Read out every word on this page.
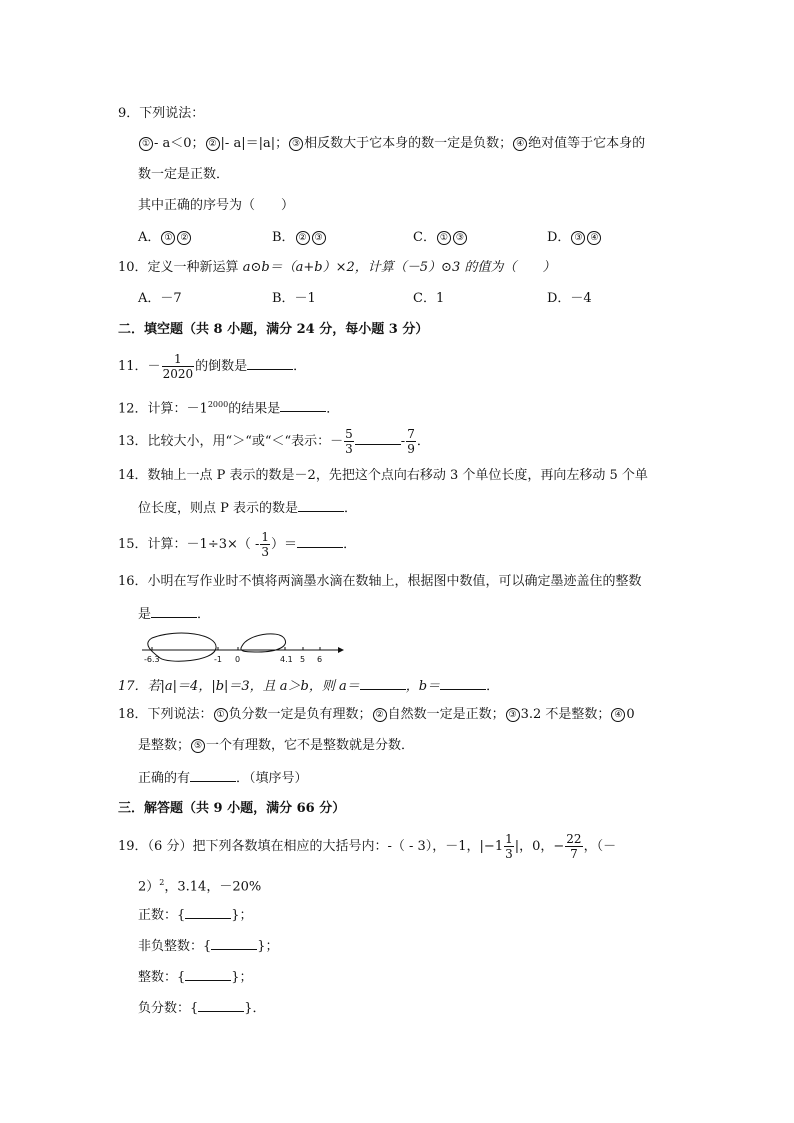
9．下列说法：
① - a＜0； ② |- a|＝|a|； ③ 相反数大于它本身的数一定是负数； ④ 绝对值等于它本身的
数一定是正数．
其中正确的序号为（　　）
A． ① ②	B． ② ③	C． ① ③	D． ③ ④
10．定义一种新运算 a⊙b＝（a+b）×2，计算（－5）⊙3 的值为（　　）
A．－7	B．－1	C．1	D．－4
二．填空题（共 8 小题，满分 24 分，每小题 3 分）
11．－ $\frac{1}{2020}$ 的倒数是	．
12．计算：$-1^{2000}$的结果是	．
13．比较大小，用“＞“或“＜“表示：－ $\frac{5}{3}$	- $\frac{7}{9}$ ．
14．数轴上一点 P 表示的数是－2，先把这个点向右移动 3 个单位长度，再向左移动 5 个单
位长度，则点 P 表示的数是	．
15．计算：$-1\div 3\times( - \frac{1}{3}$ ）＝	．
16．小明在写作业时不慎将两滴墨水滴在数轴上，根据图中数值，可以确定墨迹盖住的整数
是	．
-6.3	-1 0	4.1 5 6
17．若|a|＝4，|b|＝3，且 a＞b，则 a＝	，b＝	．
18．下列说法： ① 负分数一定是负有理数； ② 自然数一定是正数； ③ 3.2 不是整数； ④ 0
是整数； ⑤ 一个有理数，它不是整数就是分数．
正确的有	．（填序号）
三．解答题（共 9 小题，满分 66 分）
19．（6 分）把下列各数填在相应的大括号内：-（ - 3），－1，$|-1 \frac{1}{3}$ |，0，− $\frac{22}{7}$ ，（－
2）$^2$，3.14，－20%
正数：{	}；
非负整数：{	}；
整数：{	}；
负分数：{	}．
